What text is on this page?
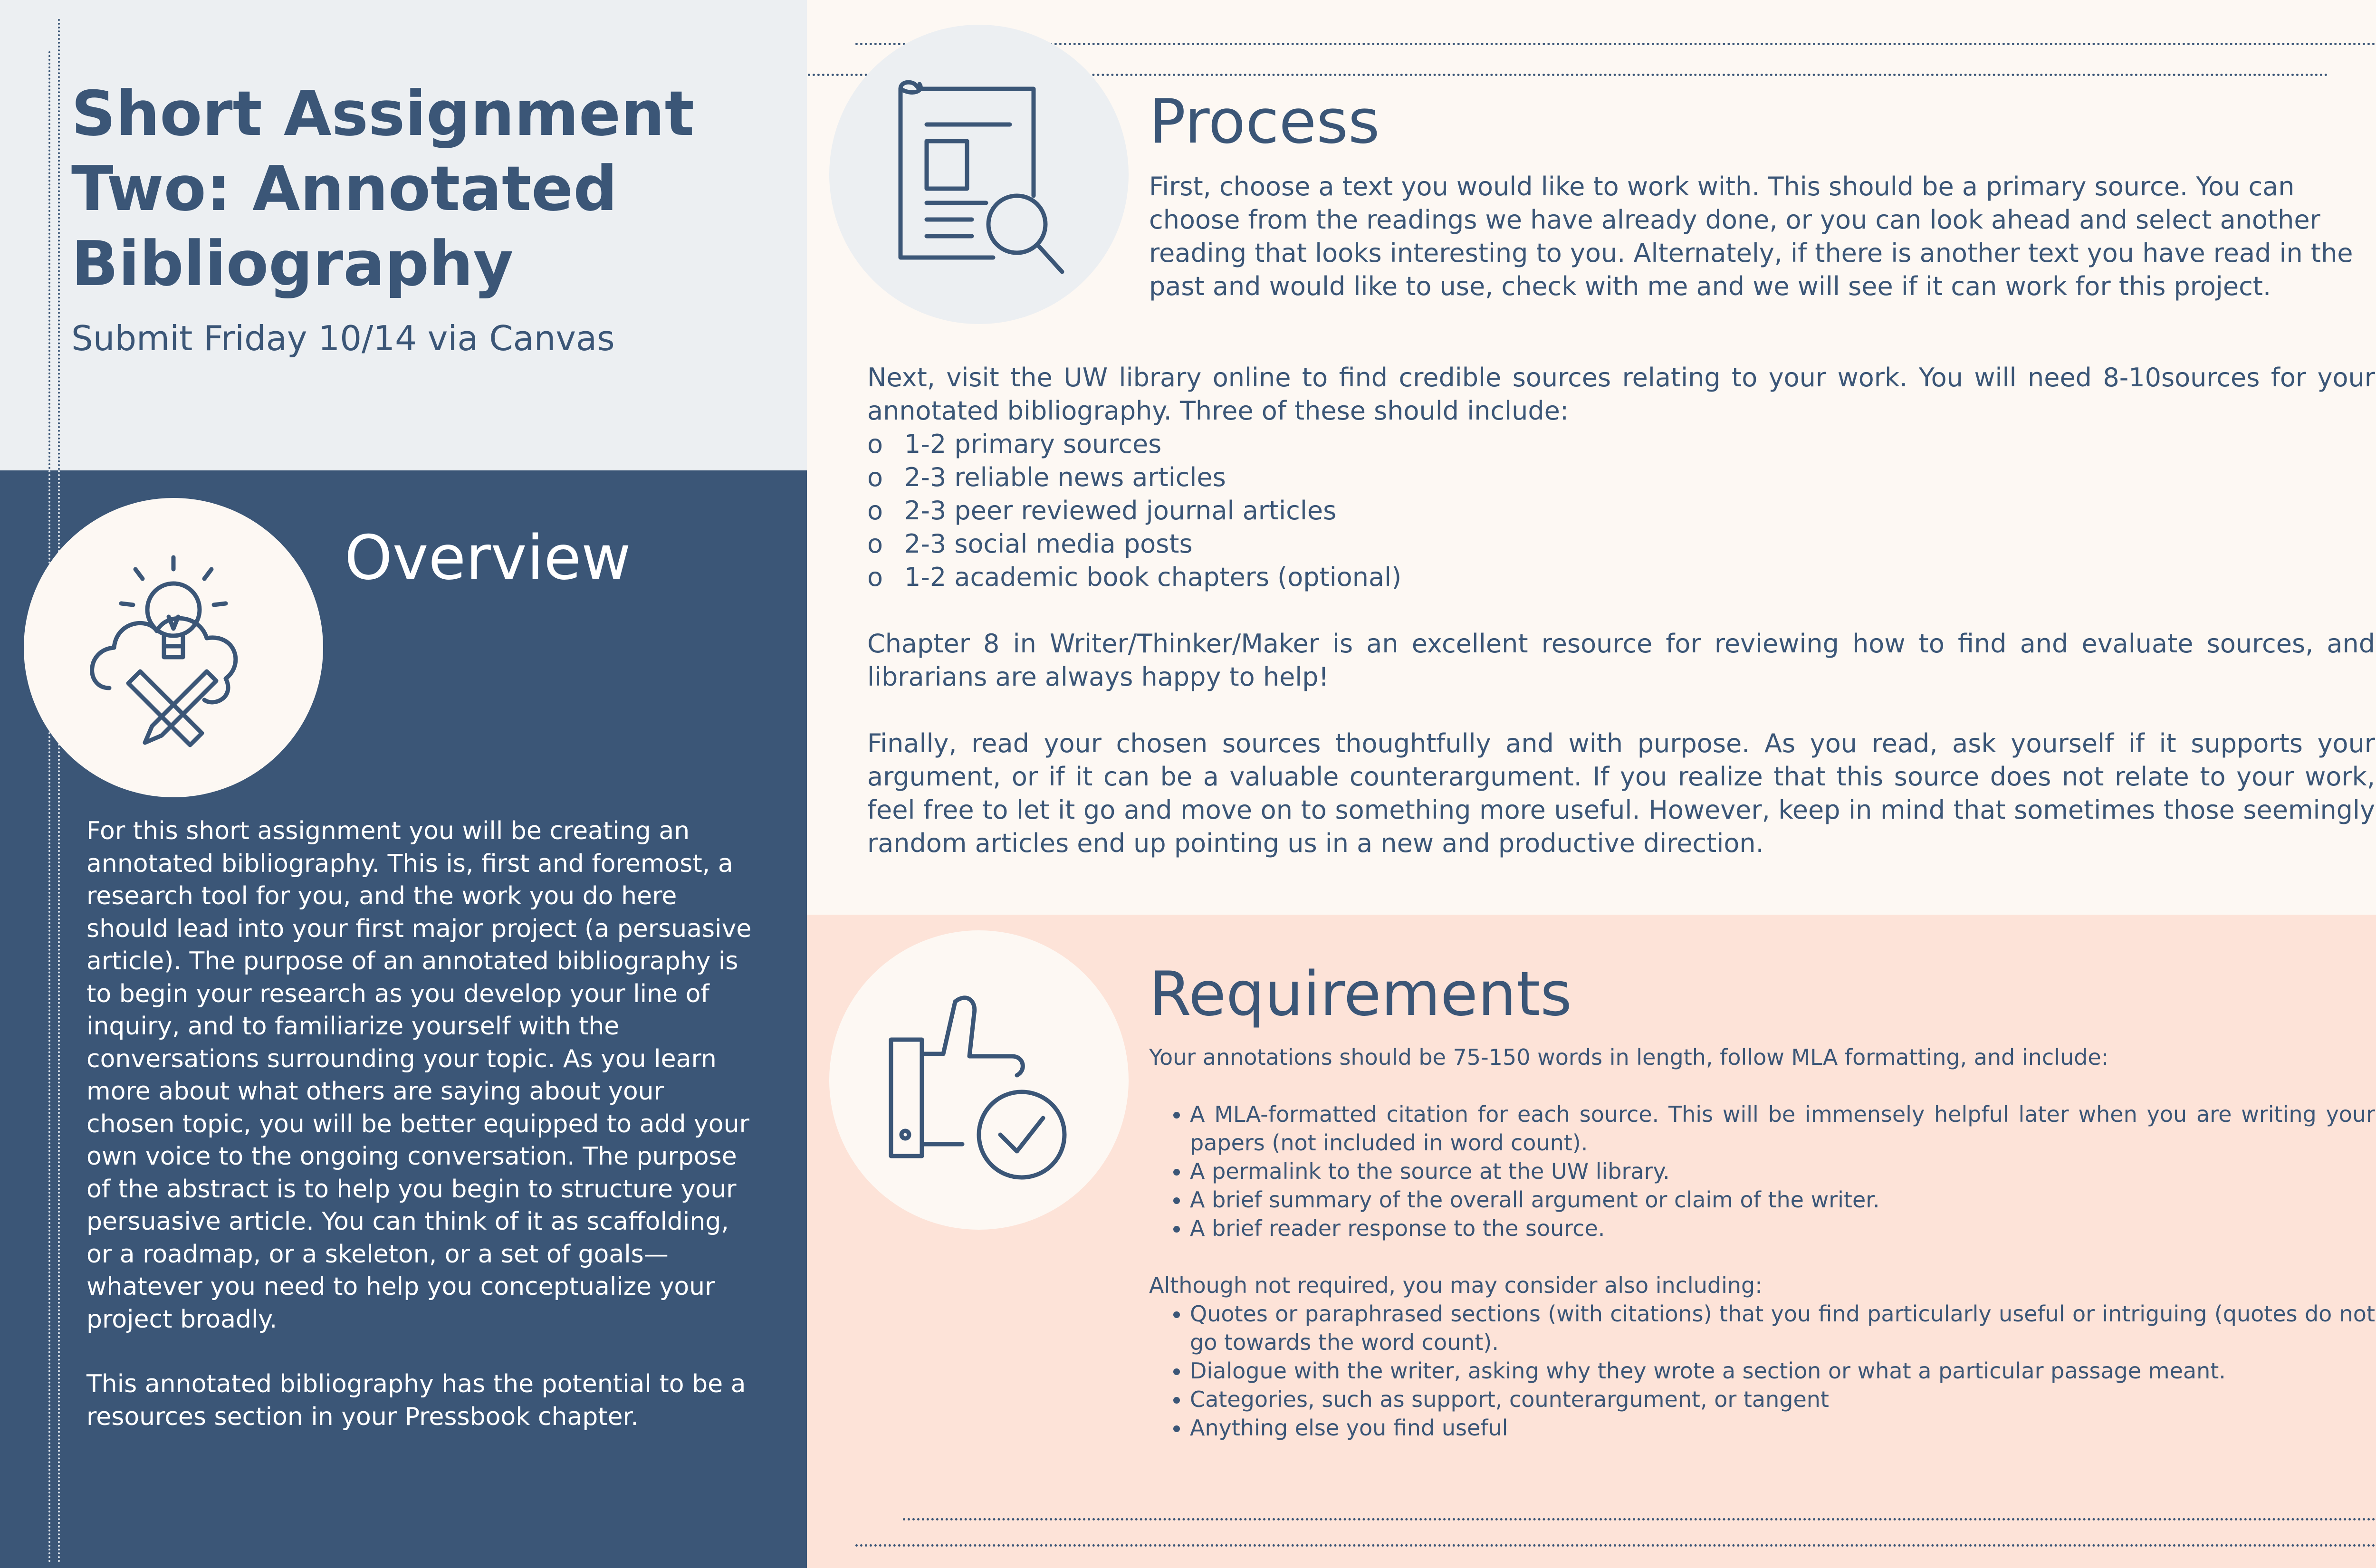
Short Assignment Two: Annotated Bibliography

Submit Friday 10/14 via Canvas

Overview

For this short assignment you will be creating an annotated bibliography. This is, first and foremost, a research tool for you, and the work you do here should lead into your first major project (a persuasive article). The purpose of an annotated bibliography is to begin your research as you develop your line of inquiry, and to familiarize yourself with the conversations surrounding your topic. As you learn more about what others are saying about your chosen topic, you will be better equipped to add your own voice to the ongoing conversation. The purpose of the abstract is to help you begin to structure your persuasive article. You can think of it as scaffolding, or a roadmap, or a skeleton, or a set of goals—whatever you need to help you conceptualize your project broadly.

This annotated bibliography has the potential to be a resources section in your Pressbook chapter.

Process

First, choose a text you would like to work with. This should be a primary source. You can choose from the readings we have already done, or you can look ahead and select another reading that looks interesting to you. Alternately, if there is another text you have read in the past and would like to use, check with me and we will see if it can work for this project.

Next, visit the UW library online to find credible sources relating to your work. You will need 8-10sources for your annotated bibliography. Three of these should include:

o 1-2 primary sources
o 2-3 reliable news articles
o 2-3 peer reviewed journal articles
o 2-3 social media posts
o 1-2 academic book chapters (optional)

Chapter 8 in Writer/Thinker/Maker is an excellent resource for reviewing how to find and evaluate sources, and librarians are always happy to help!

Finally, read your chosen sources thoughtfully and with purpose. As you read, ask yourself if it supports your argument, or if it can be a valuable counterargument. If you realize that this source does not relate to your work, feel free to let it go and move on to something more useful. However, keep in mind that sometimes those seemingly random articles end up pointing us in a new and productive direction.

Requirements

Your annotations should be 75-150 words in length, follow MLA formatting, and include:

• A MLA-formatted citation for each source. This will be immensely helpful later when you are writing your papers (not included in word count).
• A permalink to the source at the UW library.
• A brief summary of the overall argument or claim of the writer.
• A brief reader response to the source.

Although not required, you may consider also including:

• Quotes or paraphrased sections (with citations) that you find particularly useful or intriguing (quotes do not go towards the word count).
• Dialogue with the writer, asking why they wrote a section or what a particular passage meant.
• Categories, such as support, counterargument, or tangent
• Anything else you find useful
